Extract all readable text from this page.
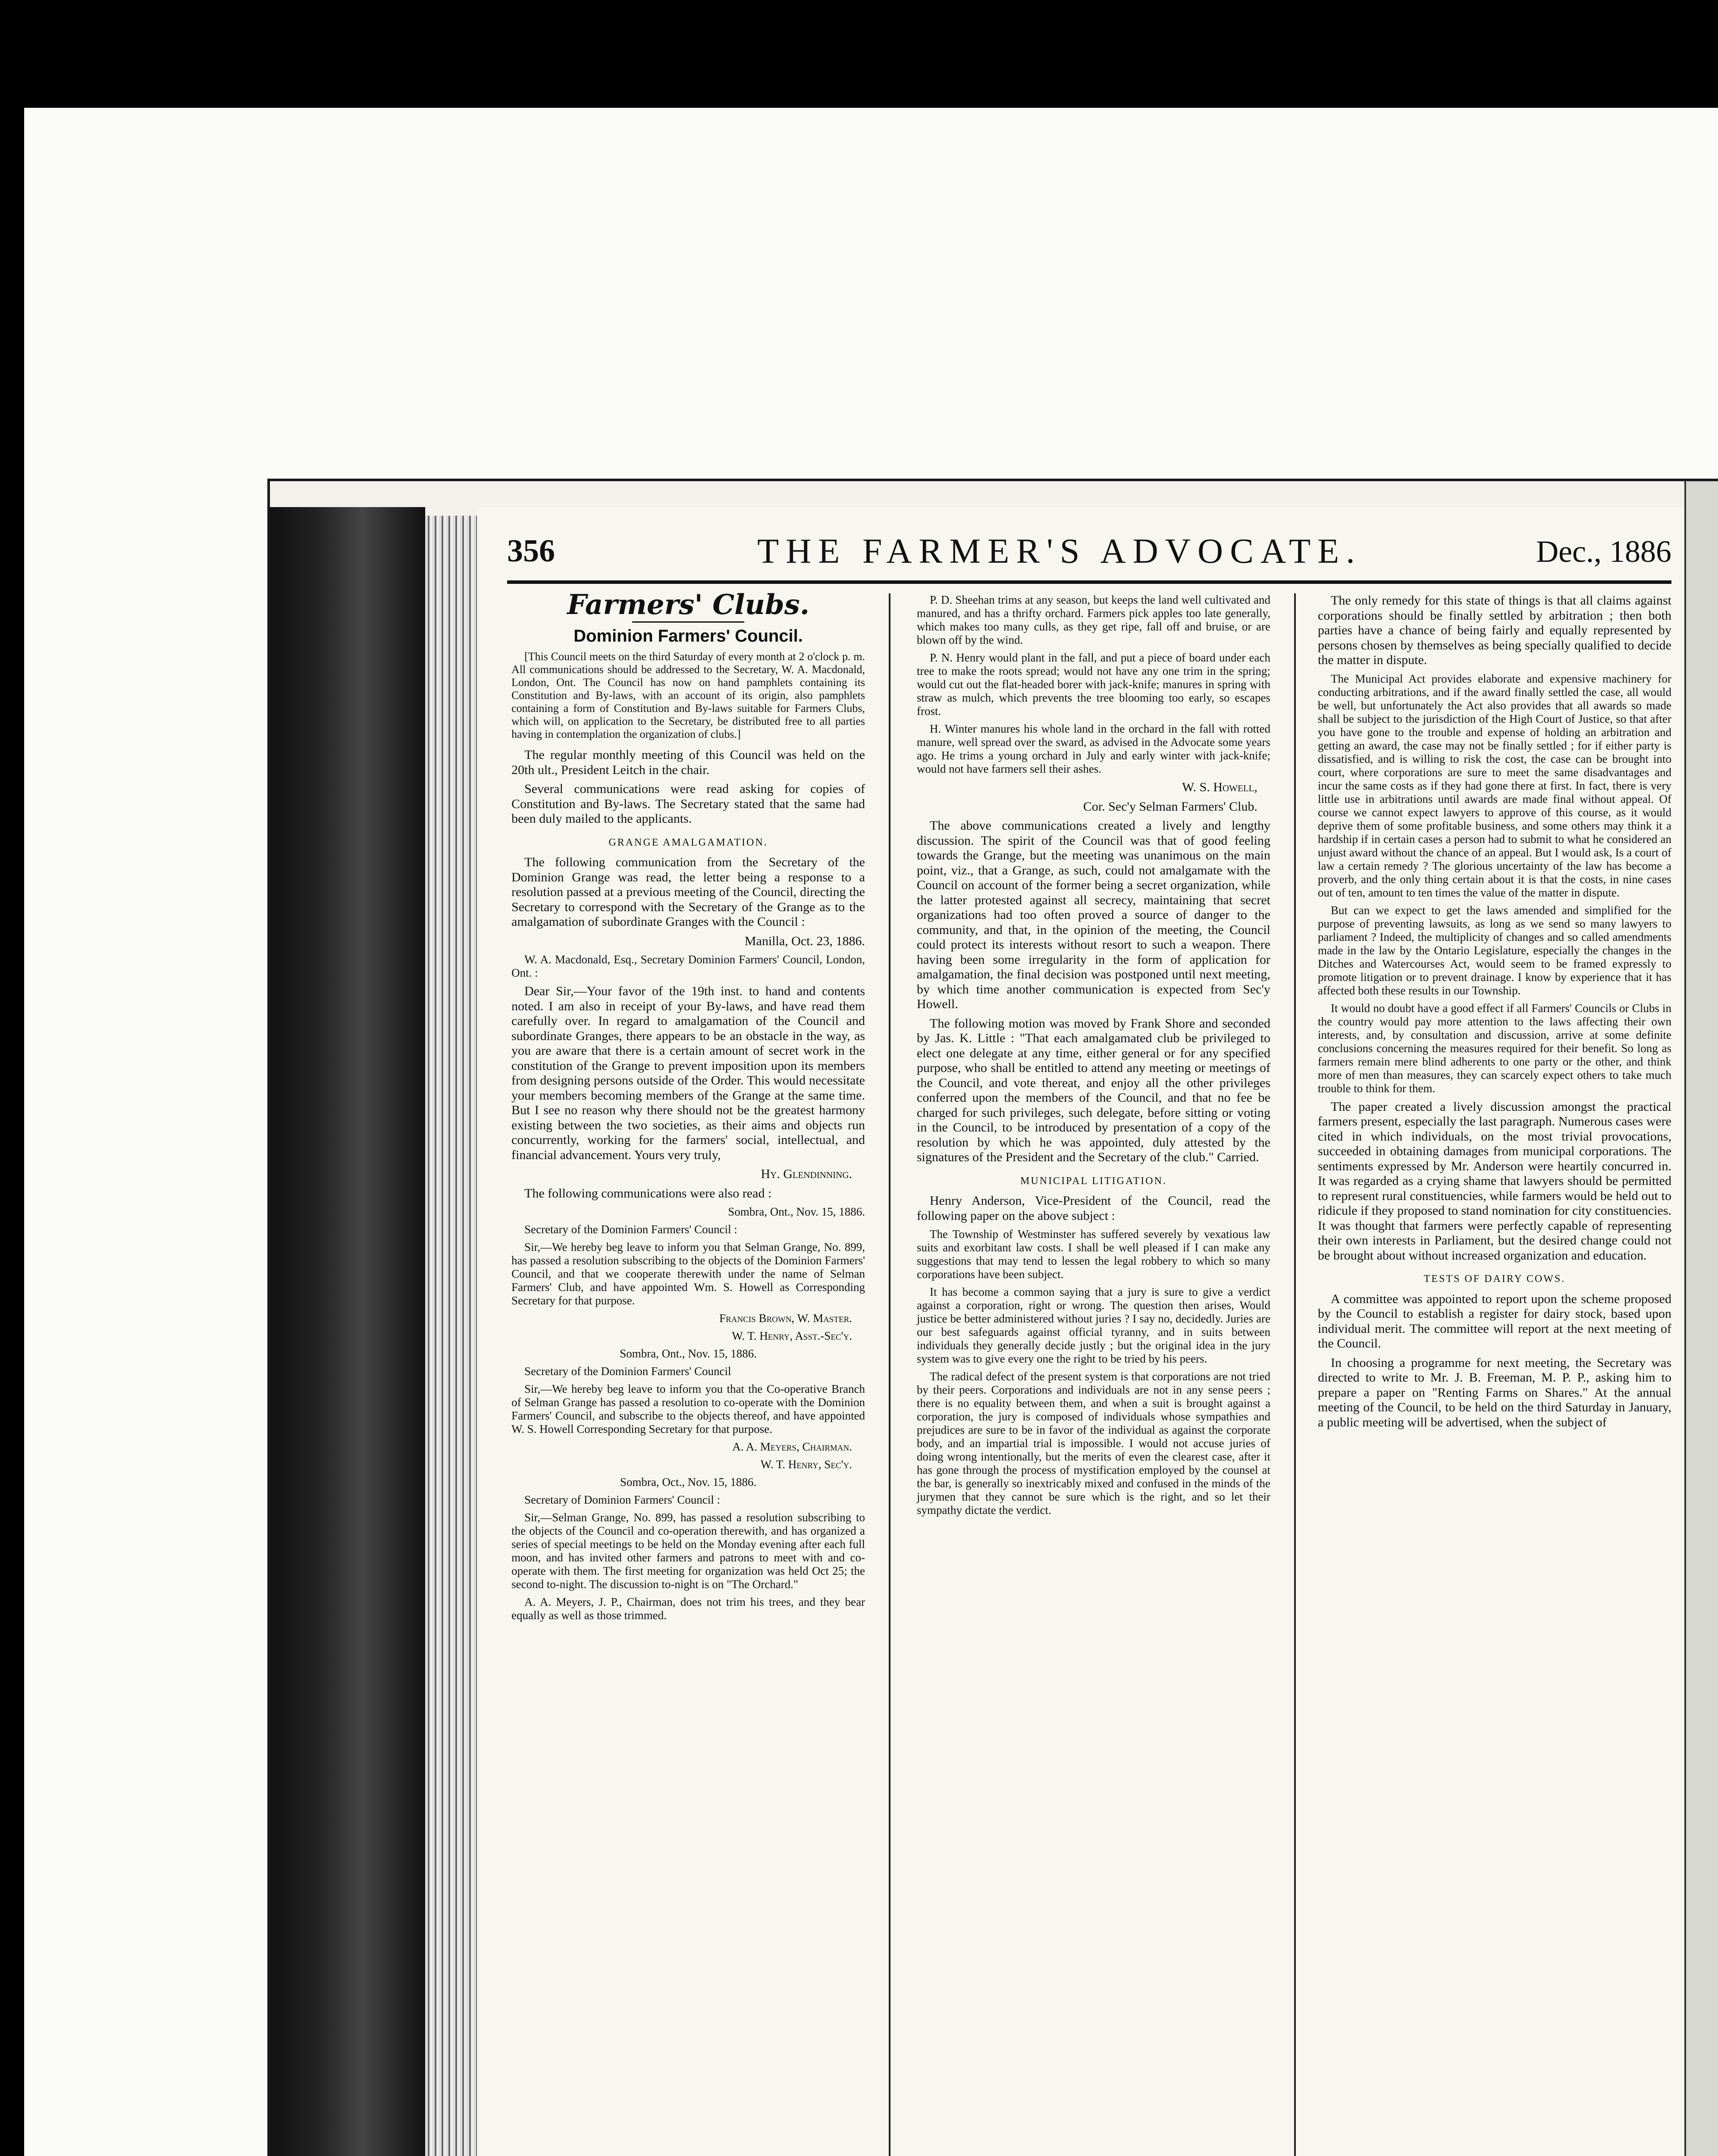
356	THE FARMER'S ADVOCATE.	Dec., 1886
Farmers' Clubs.
Dominion Farmers' Council.

[This Council meets on the third Saturday of every month at 2 o'clock p. m. All communications should be addressed to the Secretary, W. A. Macdonald, London, Ont. The Council has now on hand pamphlets containing its Constitution and By-laws, with an account of its origin, also pamphlets containing a form of Constitution and By-laws suitable for Farmers Clubs, which will, on application to the Secretary, be distributed free to all parties having in contemplation the organization of clubs.]

The regular monthly meeting of this Council was held on the 20th ult., President Leitch in the chair.

Several communications were read asking for copies of Constitution and By-laws. The Secretary stated that the same had been duly mailed to the applicants.

GRANGE AMALGAMATION.

The following communication from the Secretary of the Dominion Grange was read, the letter being a response to a resolution passed at a previous meeting of the Council, directing the Secretary to correspond with the Secretary of the Grange as to the amalgamation of subordinate Granges with the Council :

Manilla, Oct. 23, 1886.

W. A. Macdonald, Esq., Secretary Dominion Farmers' Council, London, Ont. :

Dear Sir,—Your favor of the 19th inst. to hand and contents noted. I am also in receipt of your By-laws, and have read them carefully over. In regard to amalgamation of the Council and subordinate Granges, there appears to be an obstacle in the way, as you are aware that there is a certain amount of secret work in the constitution of the Grange to prevent imposition upon its members from designing persons outside of the Order. This would necessitate your members becoming members of the Grange at the same time. But I see no reason why there should not be the greatest harmony existing between the two societies, as their aims and objects run concurrently, working for the farmers' social, intellectual, and financial advancement. Yours very truly,

Hy. Glendinning.

The following communications were also read :

Sombra, Ont., Nov. 15, 1886.

Secretary of the Dominion Farmers' Council :

Sir,—We hereby beg leave to inform you that Selman Grange, No. 899, has passed a resolution subscribing to the objects of the Dominion Farmers' Council, and that we cooperate therewith under the name of Selman Farmers' Club, and have appointed Wm. S. Howell as Corresponding Secretary for that purpose.

Francis Brown, W. Master.

W. T. Henry, Asst.-Sec'y.

Sombra, Ont., Nov. 15, 1886.

Secretary of the Dominion Farmers' Council

Sir,—We hereby beg leave to inform you that the Co-operative Branch of Selman Grange has passed a resolution to co-operate with the Dominion Farmers' Council, and subscribe to the objects thereof, and have appointed W. S. Howell Corresponding Secretary for that purpose.

A. A. Meyers, Chairman.

W. T. Henry, Sec'y.

Sombra, Oct., Nov. 15, 1886.

Secretary of Dominion Farmers' Council :

Sir,—Selman Grange, No. 899, has passed a resolution subscribing to the objects of the Council and co-operation therewith, and has organized a series of special meetings to be held on the Monday evening after each full moon, and has invited other farmers and patrons to meet with and co-operate with them. The first meeting for organization was held Oct 25; the second to-night. The discussion to-night is on "The Orchard."

A. A. Meyers, J. P., Chairman, does not trim his trees, and they bear equally as well as those trimmed.

P. D. Sheehan trims at any season, but keeps the land well cultivated and manured, and has a thrifty orchard. Farmers pick apples too late generally, which makes too many culls, as they get ripe, fall off and bruise, or are blown off by the wind.

P. N. Henry would plant in the fall, and put a piece of board under each tree to make the roots spread; would not have any one trim in the spring; would cut out the flat-headed borer with jack-knife; manures in spring with straw as mulch, which prevents the tree blooming too early, so escapes frost.

H. Winter manures his whole land in the orchard in the fall with rotted manure, well spread over the sward, as advised in the Advocate some years ago. He trims a young orchard in July and early winter with jack-knife; would not have farmers sell their ashes.

W. S. Howell,

Cor. Sec'y Selman Farmers' Club.

The above communications created a lively and lengthy discussion. The spirit of the Council was that of good feeling towards the Grange, but the meeting was unanimous on the main point, viz., that a Grange, as such, could not amalgamate with the Council on account of the former being a secret organization, while the latter protested against all secrecy, maintaining that secret organizations had too often proved a source of danger to the community, and that, in the opinion of the meeting, the Council could protect its interests without resort to such a weapon. There having been some irregularity in the form of application for amalgamation, the final decision was postponed until next meeting, by which time another communication is expected from Sec'y Howell.

The following motion was moved by Frank Shore and seconded by Jas. K. Little : "That each amalgamated club be privileged to elect one delegate at any time, either general or for any specified purpose, who shall be entitled to attend any meeting or meetings of the Council, and vote thereat, and enjoy all the other privileges conferred upon the members of the Council, and that no fee be charged for such privileges, such delegate, before sitting or voting in the Council, to be introduced by presentation of a copy of the resolution by which he was appointed, duly attested by the signatures of the President and the Secretary of the club." Carried.

MUNICIPAL LITIGATION.

Henry Anderson, Vice-President of the Council, read the following paper on the above subject :

The Township of Westminster has suffered severely by vexatious law suits and exorbitant law costs. I shall be well pleased if I can make any suggestions that may tend to lessen the legal robbery to which so many corporations have been subject.

It has become a common saying that a jury is sure to give a verdict against a corporation, right or wrong. The question then arises, Would justice be better administered without juries ? I say no, decidedly. Juries are our best safeguards against official tyranny, and in suits between individuals they generally decide justly ; but the original idea in the jury system was to give every one the right to be tried by his peers.

The radical defect of the present system is that corporations are not tried by their peers. Corporations and individuals are not in any sense peers ; there is no equality between them, and when a suit is brought against a corporation, the jury is composed of individuals whose sympathies and prejudices are sure to be in favor of the individual as against the corporate body, and an impartial trial is impossible. I would not accuse juries of doing wrong intentionally, but the merits of even the clearest case, after it has gone through the process of mystification employed by the counsel at the bar, is generally so inextricably mixed and confused in the minds of the jurymen that they cannot be sure which is the right, and so let their sympathy dictate the verdict.

The only remedy for this state of things is that all claims against corporations should be finally settled by arbitration ; then both parties have a chance of being fairly and equally represented by persons chosen by themselves as being specially qualified to decide the matter in dispute.

The Municipal Act provides elaborate and expensive machinery for conducting arbitrations, and if the award finally settled the case, all would be well, but unfortunately the Act also provides that all awards so made shall be subject to the jurisdiction of the High Court of Justice, so that after you have gone to the trouble and expense of holding an arbitration and getting an award, the case may not be finally settled ; for if either party is dissatisfied, and is willing to risk the cost, the case can be brought into court, where corporations are sure to meet the same disadvantages and incur the same costs as if they had gone there at first. In fact, there is very little use in arbitrations until awards are made final without appeal. Of course we cannot expect lawyers to approve of this course, as it would deprive them of some profitable business, and some others may think it a hardship if in certain cases a person had to submit to what he considered an unjust award without the chance of an appeal. But I would ask, Is a court of law a certain remedy ? The glorious uncertainty of the law has become a proverb, and the only thing certain about it is that the costs, in nine cases out of ten, amount to ten times the value of the matter in dispute.

But can we expect to get the laws amended and simplified for the purpose of preventing lawsuits, as long as we send so many lawyers to parliament ? Indeed, the multiplicity of changes and so called amendments made in the law by the Ontario Legislature, especially the changes in the Ditches and Watercourses Act, would seem to be framed expressly to promote litigation or to prevent drainage. I know by experience that it has affected both these results in our Township.

It would no doubt have a good effect if all Farmers' Councils or Clubs in the country would pay more attention to the laws affecting their own interests, and, by consultation and discussion, arrive at some definite conclusions concerning the measures required for their benefit. So long as farmers remain mere blind adherents to one party or the other, and think more of men than measures, they can scarcely expect others to take much trouble to think for them.

The paper created a lively discussion amongst the practical farmers present, especially the last paragraph. Numerous cases were cited in which individuals, on the most trivial provocations, succeeded in obtaining damages from municipal corporations. The sentiments expressed by Mr. Anderson were heartily concurred in. It was regarded as a crying shame that lawyers should be permitted to represent rural constituencies, while farmers would be held out to ridicule if they proposed to stand nomination for city constituencies. It was thought that farmers were perfectly capable of representing their own interests in Parliament, but the desired change could not be brought about without increased organization and education.

TESTS OF DAIRY COWS.

A committee was appointed to report upon the scheme proposed by the Council to establish a register for dairy stock, based upon individual merit. The committee will report at the next meeting of the Council.

In choosing a programme for next meeting, the Secretary was directed to write to Mr. J. B. Freeman, M. P. P., asking him to prepare a paper on "Renting Farms on Shares." At the annual meeting of the Council, to be held on the third Saturday in January, a public meeting will be advertised, when the subject of
